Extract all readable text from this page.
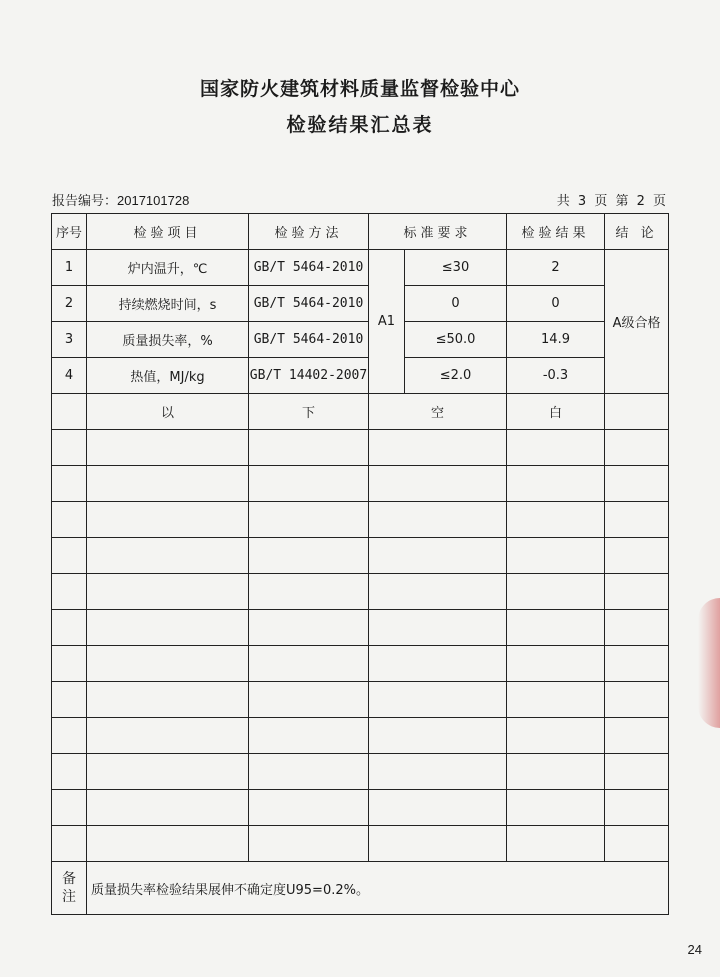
国家防火建筑材料质量监督检验中心
检验结果汇总表
报告编号：2017101728	共 3 页 第 2 页
序号	检验项目	检验方法	标准要求		检验结果	结 论
1	炉内温升，℃	GB/T 5464-2010	A1	≤30	2	A级合格
2	持续燃烧时间，s	GB/T 5464-2010		0	0	
3	质量损失率，%	GB/T 5464-2010		≤50.0	14.9	
4	热值，MJ/kg	GB/T 14402-2007		≤2.0	-0.3	
	以	下	空		白	

备
注	质量损失率检验结果展伸不确定度U95=0.2%。					
24
